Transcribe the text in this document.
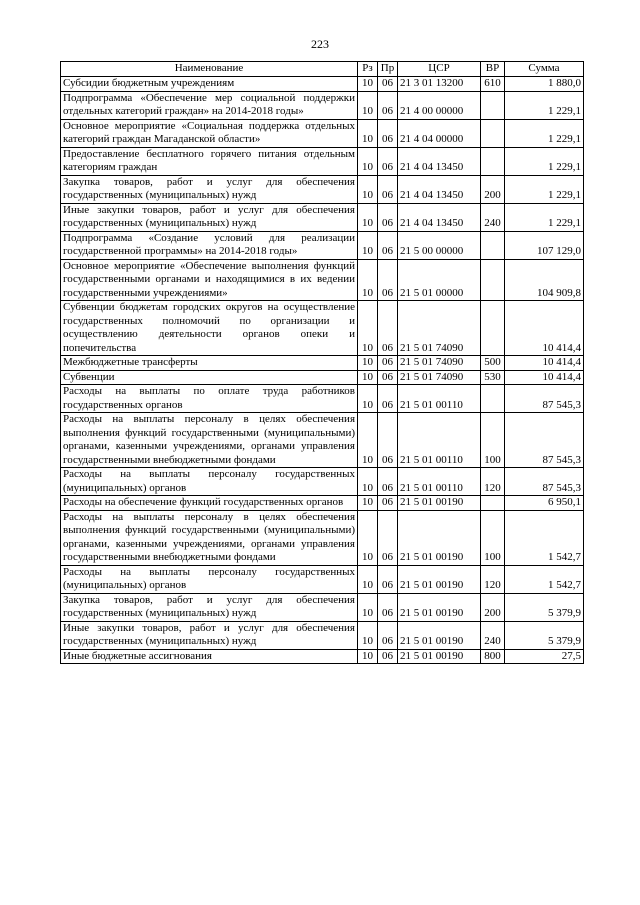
223
Наименование	Рз	Пр	ЦСР	ВР	Сумма
Субсидии бюджетным учреждениям	10	06	21 3 01 13200	610	1 880,0
Подпрограмма «Обеспечение мер социальной поддержки отдельных категорий граждан» на 2014-2018 годы»	10	06	21 4 00 00000		1 229,1
Основное мероприятие «Социальная поддержка отдельных категорий граждан Магаданской области»	10	06	21 4 04 00000		1 229,1
Предоставление бесплатного горячего питания отдельным категориям граждан	10	06	21 4 04 13450		1 229,1
Закупка товаров, работ и услуг для обеспечения государственных (муниципальных) нужд	10	06	21 4 04 13450	200	1 229,1
Иные закупки товаров, работ и услуг для обеспечения государственных (муниципальных) нужд	10	06	21 4 04 13450	240	1 229,1
Подпрограмма «Создание условий для реализации государственной программы» на 2014-2018 годы»	10	06	21 5 00 00000		107 129,0
Основное мероприятие «Обеспечение выполнения функций государственными органами и находящимися в их ведении государственными учреждениями»	10	06	21 5 01 00000		104 909,8
Субвенции бюджетам городских округов на осуществление государственных полномочий по организации и осуществлению деятельности органов опеки и попечительства	10	06	21 5 01 74090		10 414,4
Межбюджетные трансферты	10	06	21 5 01 74090	500	10 414,4
Субвенции	10	06	21 5 01 74090	530	10 414,4
Расходы на выплаты по оплате труда работников государственных органов	10	06	21 5 01 00110		87 545,3
Расходы на выплаты персоналу в целях обеспечения выполнения функций государственными (муниципальными) органами, казенными учреждениями, органами управления государственными внебюджетными фондами	10	06	21 5 01 00110	100	87 545,3
Расходы на выплаты персоналу государственных (муниципальных) органов	10	06	21 5 01 00110	120	87 545,3
Расходы на обеспечение функций государственных органов	10	06	21 5 01 00190		6 950,1
Расходы на выплаты персоналу в целях обеспечения выполнения функций государственными (муниципальными) органами, казенными учреждениями, органами управления государственными внебюджетными фондами	10	06	21 5 01 00190	100	1 542,7
Расходы на выплаты персоналу государственных (муниципальных) органов	10	06	21 5 01 00190	120	1 542,7
Закупка товаров, работ и услуг для обеспечения государственных (муниципальных) нужд	10	06	21 5 01 00190	200	5 379,9
Иные закупки товаров, работ и услуг для обеспечения государственных (муниципальных) нужд	10	06	21 5 01 00190	240	5 379,9
Иные бюджетные ассигнования	10	06	21 5 01 00190	800	27,5
